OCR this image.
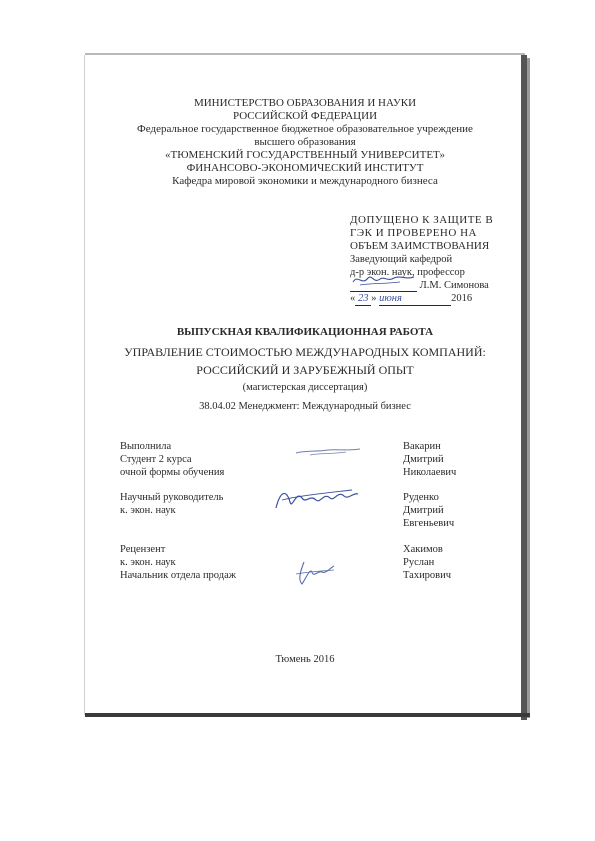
МИНИСТЕРСТВО ОБРАЗОВАНИЯ И НАУКИ
РОССИЙСКОЙ ФЕДЕРАЦИИ
Федеральное государственное бюджетное образовательное учреждение
высшего образования
«ТЮМЕНСКИЙ ГОСУДАРСТВЕННЫЙ УНИВЕРСИТЕТ»
ФИНАНСОВО-ЭКОНОМИЧЕСКИЙ ИНСТИТУТ
Кафедра мировой экономики и международного бизнеса
ДОПУЩЕНО К ЗАЩИТЕ В
ГЭК И ПРОВЕРЕНО НА
ОБЪЕМ ЗАИМСТВОВАНИЯ
Заведующий кафедрой
д-р экон. наук, профессор
Л.М. Симонова
« 23 » июня	2016
ВЫПУСКНАЯ КВАЛИФИКАЦИОННАЯ РАБОТА
УПРАВЛЕНИЕ СТОИМОСТЬЮ МЕЖДУНАРОДНЫХ КОМПАНИЙ:
РОССИЙСКИЙ И ЗАРУБЕЖНЫЙ ОПЫТ
(магистерская диссертация)
38.04.02 Менеджмент: Международный бизнес
Выполнила
Студент 2 курса
очной формы обучения
Вакарин
Дмитрий
Николаевич
Научный руководитель
к. экон. наук
Руденко
Дмитрий
Евгеньевич
Рецензент
к. экон. наук
Начальник отдела продаж
Хакимов
Руслан
Тахирович
Тюмень 2016
